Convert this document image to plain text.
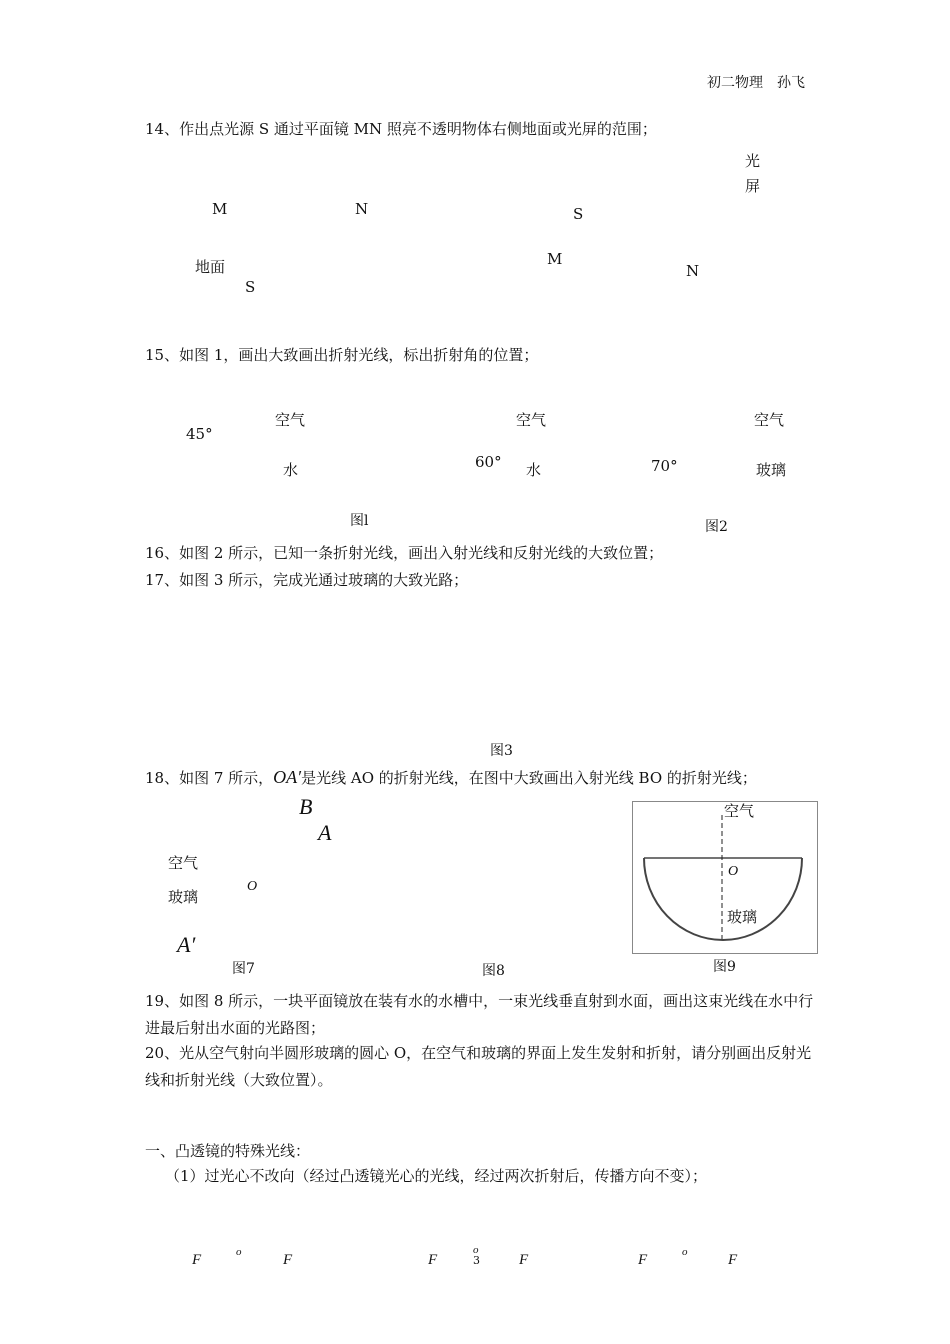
初二物理　孙飞
14、作出点光源 S 通过平面镜 MN 照亮不透明物体右侧地面或光屏的范围；
M	N
地面
S
光
屏
S
M
N
15、如图 1，画出大致画出折射光线，标出折射角的位置；
45°
空气
水	60°
空气
水	70°
空气
玻璃
图l	图2
16、如图 2 所示，已知一条折射光线，画出入射光线和反射光线的大致位置；
17、如图 3 所示，完成光通过玻璃的大致光路；
图3
18、如图 7 所示，OA′是光线 AO 的折射光线，在图中大致画出入射光线 BO 的折射光线；
B
A
空气
玻璃
O
A′
图7	图8
空气
O
玻璃
图9
19、如图 8 所示，一块平面镜放在装有水的水槽中，一束光线垂直射到水面，画出这束光线在水中行进最后射出水面的光路图；
20、光从空气射向半圆形玻璃的圆心 O，在空气和玻璃的界面上发生发射和折射，请分别画出反射光线和折射光线（大致位置）。
一、凸透镜的特殊光线：
（1）过光心不改向（经过凸透镜光心的光线，经过两次折射后，传播方向不变）；
F	o	F	F
o
3	F	F	o	F
